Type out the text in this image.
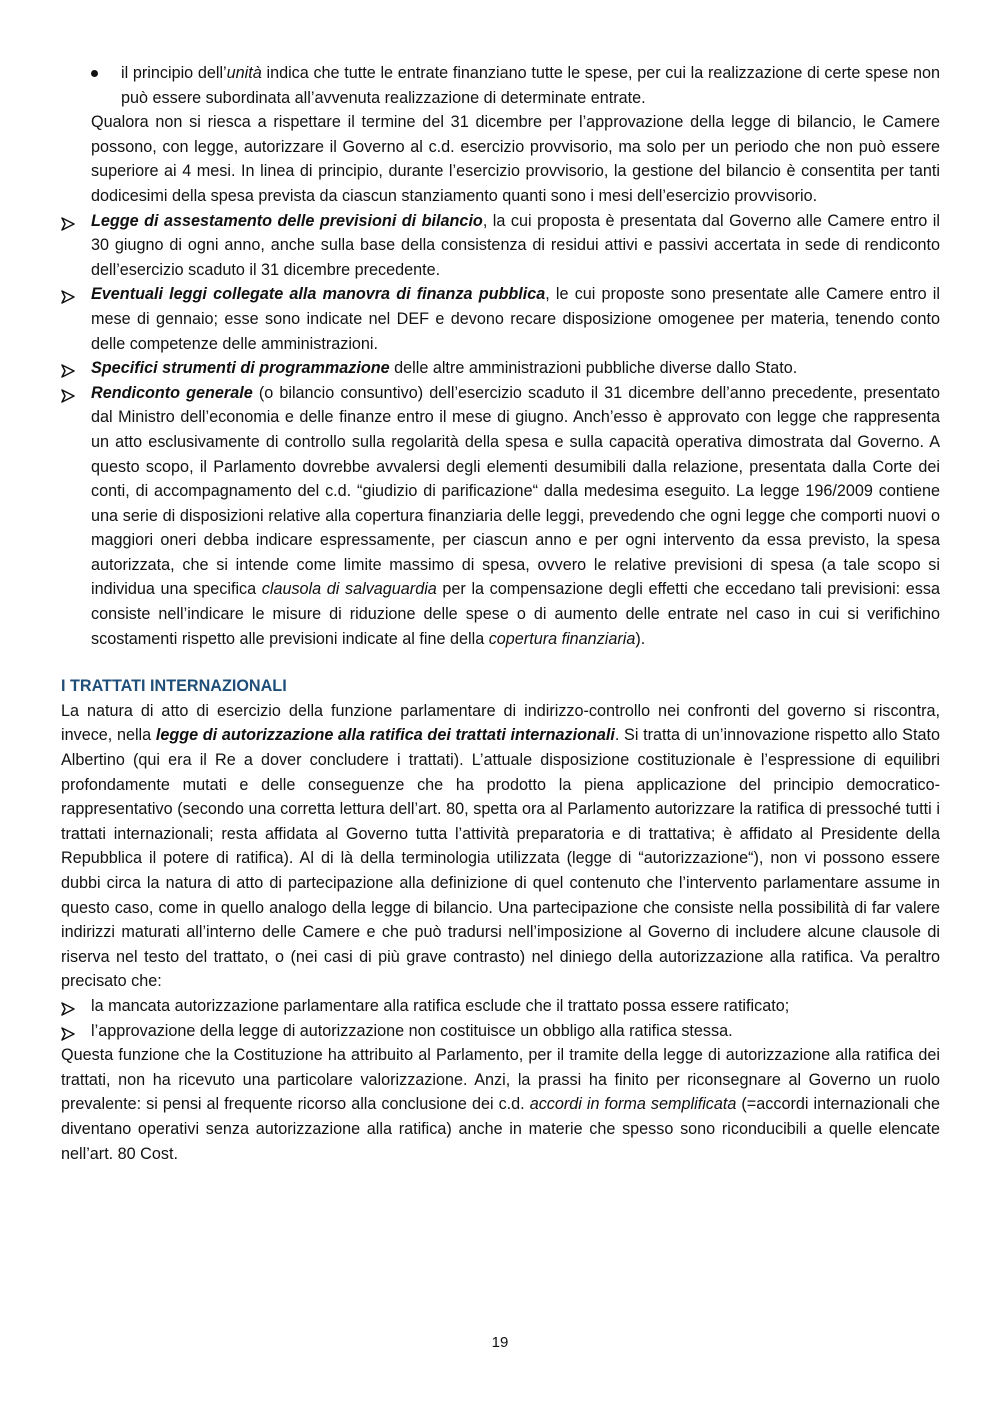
il principio dell’unità indica che tutte le entrate finanziano tutte le spese, per cui la realizzazione di certe spese non può essere subordinata all’avvenuta realizzazione di determinate entrate.
Qualora non si riesca a rispettare il termine del 31 dicembre per l’approvazione della legge di bilancio, le Camere possono, con legge, autorizzare il Governo al c.d. esercizio provvisorio, ma solo per un periodo che non può essere superiore ai 4 mesi. In linea di principio, durante l’esercizio provvisorio, la gestione del bilancio è consentita per tanti dodicesimi della spesa prevista da ciascun stanziamento quanti sono i mesi dell’esercizio provvisorio.
Legge di assestamento delle previsioni di bilancio, la cui proposta è presentata dal Governo alle Camere entro il 30 giugno di ogni anno, anche sulla base della consistenza di residui attivi e passivi accertata in sede di rendiconto dell’esercizio scaduto il 31 dicembre precedente.
Eventuali leggi collegate alla manovra di finanza pubblica, le cui proposte sono presentate alle Camere entro il mese di gennaio; esse sono indicate nel DEF e devono recare disposizione omogenee per materia, tenendo conto delle competenze delle amministrazioni.
Specifici strumenti di programmazione delle altre amministrazioni pubbliche diverse dallo Stato.
Rendiconto generale (o bilancio consuntivo) dell’esercizio scaduto il 31 dicembre dell’anno precedente, presentato dal Ministro dell’economia e delle finanze entro il mese di giugno. Anch’esso è approvato con legge che rappresenta un atto esclusivamente di controllo sulla regolarità della spesa e sulla capacità operativa dimostrata dal Governo. A questo scopo, il Parlamento dovrebbe avvalersi degli elementi desumibili dalla relazione, presentata dalla Corte dei conti, di accompagnamento del c.d. “giudizio di parificazione“ dalla medesima eseguito. La legge 196/2009 contiene una serie di disposizioni relative alla copertura finanziaria delle leggi, prevedendo che ogni legge che comporti nuovi o maggiori oneri debba indicare espressamente, per ciascun anno e per ogni intervento da essa previsto, la spesa autorizzata, che si intende come limite massimo di spesa, ovvero le relative previsioni di spesa (a tale scopo si individua una specifica clausola di salvaguardia per la compensazione degli effetti che eccedano tali previsioni: essa consiste nell’indicare le misure di riduzione delle spese o di aumento delle entrate nel caso in cui si verifichino scostamenti rispetto alle previsioni indicate al fine della copertura finanziaria).
I TRATTATI INTERNAZIONALI
La natura di atto di esercizio della funzione parlamentare di indirizzo-controllo nei confronti del governo si riscontra, invece, nella legge di autorizzazione alla ratifica dei trattati internazionali. Si tratta di un’innovazione rispetto allo Stato Albertino (qui era il Re a dover concludere i trattati). L’attuale disposizione costituzionale è l’espressione di equilibri profondamente mutati e delle conseguenze che ha prodotto la piena applicazione del principio democratico-rappresentativo (secondo una corretta lettura dell’art. 80, spetta ora al Parlamento autorizzare la ratifica di pressoché tutti i trattati internazionali; resta affidata al Governo tutta l’attività preparatoria e di trattativa; è affidato al Presidente della Repubblica il potere di ratifica). Al di là della terminologia utilizzata (legge di “autorizzazione“), non vi possono essere dubbi circa la natura di atto di partecipazione alla definizione di quel contenuto che l’intervento parlamentare assume in questo caso, come in quello analogo della legge di bilancio. Una partecipazione che consiste nella possibilità di far valere indirizzi maturati all’interno delle Camere e che può tradursi nell’imposizione al Governo di includere alcune clausole di riserva nel testo del trattato, o (nei casi di più grave contrasto) nel diniego della autorizzazione alla ratifica. Va peraltro precisato che:
la mancata autorizzazione parlamentare alla ratifica esclude che il trattato possa essere ratificato;
l’approvazione della legge di autorizzazione non costituisce un obbligo alla ratifica stessa.
Questa funzione che la Costituzione ha attribuito al Parlamento, per il tramite della legge di autorizzazione alla ratifica dei trattati, non ha ricevuto una particolare valorizzazione. Anzi, la prassi ha finito per riconsegnare al Governo un ruolo prevalente: si pensi al frequente ricorso alla conclusione dei c.d. accordi in forma semplificata (=accordi internazionali che diventano operativi senza autorizzazione alla ratifica) anche in materie che spesso sono riconducibili a quelle elencate nell’art. 80 Cost.
19
